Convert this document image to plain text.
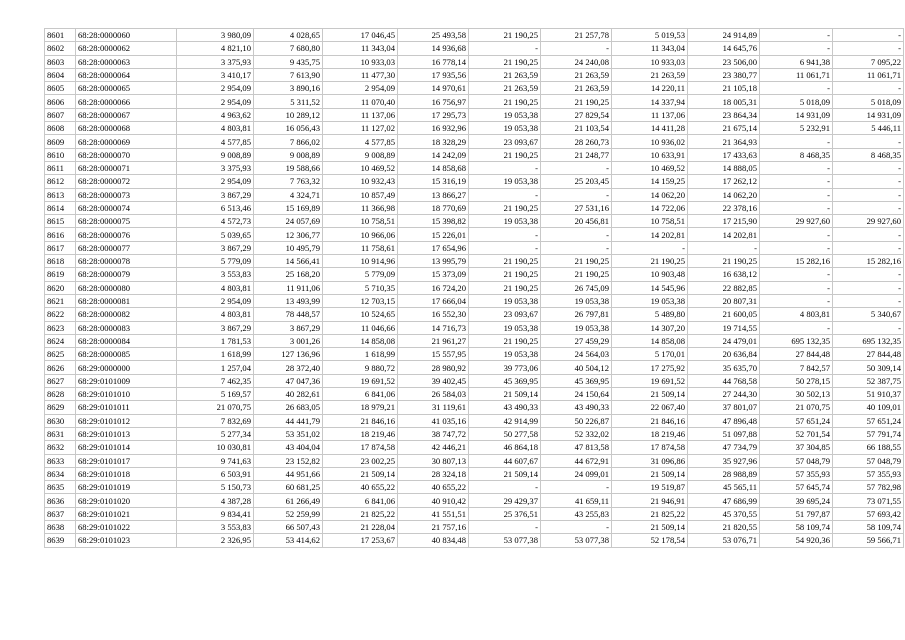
8601	68:28:0000060	3 980,09	4 028,65	17 046,45	25 493,58	21 190,25	21 257,78	5 019,53	24 914,89	-	-
8602	68:28:0000062	4 821,10	7 680,80	11 343,04	14 936,68	-	-	11 343,04	14 645,76	-	-
8603	68:28:0000063	3 375,93	9 435,75	10 933,03	16 778,14	21 190,25	24 240,08	10 933,03	23 506,00	6 941,38	7 095,22
8604	68:28:0000064	3 410,17	7 613,90	11 477,30	17 935,56	21 263,59	21 263,59	21 263,59	23 380,77	11 061,71	11 061,71
8605	68:28:0000065	2 954,09	3 890,16	2 954,09	14 970,61	21 263,59	21 263,59	14 220,11	21 105,18	-	-
8606	68:28:0000066	2 954,09	5 311,52	11 070,40	16 756,97	21 190,25	21 190,25	14 337,94	18 005,31	5 018,09	5 018,09
8607	68:28:0000067	4 963,62	10 289,12	11 137,06	17 295,73	19 053,38	27 829,54	11 137,06	23 864,34	14 931,09	14 931,09
8608	68:28:0000068	4 803,81	16 056,43	11 127,02	16 932,96	19 053,38	21 103,54	14 411,28	21 675,14	5 232,91	5 446,11
8609	68:28:0000069	4 577,85	7 866,02	4 577,85	18 328,29	23 093,67	28 260,73	10 936,02	21 364,93	-	-
8610	68:28:0000070	9 008,89	9 008,89	9 008,89	14 242,09	21 190,25	21 248,77	10 633,91	17 433,63	8 468,35	8 468,35
8611	68:28:0000071	3 375,93	19 588,66	10 469,52	14 858,68	-	-	10 469,52	14 888,05	-	-
8612	68:28:0000072	2 954,09	7 763,32	10 932,43	15 316,19	19 053,38	25 203,45	14 159,25	17 262,12	-	-
8613	68:28:0000073	3 867,29	4 324,71	10 857,49	13 866,27	-	-	14 062,20	14 062,20	-	-
8614	68:28:0000074	6 513,46	15 169,89	11 366,98	18 770,69	21 190,25	27 531,16	14 722,06	22 378,16	-	-
8615	68:28:0000075	4 572,73	24 057,69	10 758,51	15 398,82	19 053,38	20 456,81	10 758,51	17 215,90	29 927,60	29 927,60
8616	68:28:0000076	5 039,65	12 306,77	10 966,06	15 226,01	-	-	14 202,81	14 202,81	-	-
8617	68:28:0000077	3 867,29	10 495,79	11 758,61	17 654,96	-	-	-	-	-	-
8618	68:28:0000078	5 779,09	14 566,41	10 914,96	13 995,79	21 190,25	21 190,25	21 190,25	21 190,25	15 282,16	15 282,16
8619	68:28:0000079	3 553,83	25 168,20	5 779,09	15 373,09	21 190,25	21 190,25	10 903,48	16 638,12	-	-
8620	68:28:0000080	4 803,81	11 911,06	5 710,35	16 724,20	21 190,25	26 745,09	14 545,96	22 882,85	-	-
8621	68:28:0000081	2 954,09	13 493,99	12 703,15	17 666,04	19 053,38	19 053,38	19 053,38	20 807,31	-	-
8622	68:28:0000082	4 803,81	78 448,57	10 524,65	16 552,30	23 093,67	26 797,81	5 489,80	21 600,05	4 803,81	5 340,67
8623	68:28:0000083	3 867,29	3 867,29	11 046,66	14 716,73	19 053,38	19 053,38	14 307,20	19 714,55	-	-
8624	68:28:0000084	1 781,53	3 001,26	14 858,08	21 961,27	21 190,25	27 459,29	14 858,08	24 479,01	695 132,35	695 132,35
8625	68:28:0000085	1 618,99	127 136,96	1 618,99	15 557,95	19 053,38	24 564,03	5 170,01	20 636,84	27 844,48	27 844,48
8626	68:29:0000000	1 257,04	28 372,40	9 880,72	28 980,92	39 773,06	40 504,12	17 275,92	35 635,70	7 842,57	50 309,14
8627	68:29:0101009	7 462,35	47 047,36	19 691,52	39 402,45	45 369,95	45 369,95	19 691,52	44 768,58	50 278,15	52 387,75
8628	68:29:0101010	5 169,57	40 282,61	6 841,06	26 584,03	21 509,14	24 150,64	21 509,14	27 244,30	30 502,13	51 910,37
8629	68:29:0101011	21 070,75	26 683,05	18 979,21	31 119,61	43 490,33	43 490,33	22 067,40	37 801,07	21 070,75	40 109,01
8630	68:29:0101012	7 832,69	44 441,79	21 846,16	41 035,16	42 914,99	50 226,87	21 846,16	47 896,48	57 651,24	57 651,24
8631	68:29:0101013	5 277,34	53 351,02	18 219,46	38 747,72	50 277,58	52 332,02	18 219,46	51 097,88	52 701,54	57 791,74
8632	68:29:0101014	10 030,81	43 404,04	17 874,58	42 446,21	46 864,18	47 813,58	17 874,58	47 734,79	37 304,85	66 188,55
8633	68:29:0101017	9 741,63	23 152,82	23 002,25	30 807,13	44 607,67	44 672,91	31 096,86	35 927,96	57 048,79	57 048,79
8634	68:29:0101018	6 503,91	44 951,66	21 509,14	28 324,18	21 509,14	24 099,01	21 509,14	28 988,89	57 355,93	57 355,93
8635	68:29:0101019	5 150,73	60 681,25	40 655,22	40 655,22	-	-	19 519,87	45 565,11	57 645,74	57 782,98
8636	68:29:0101020	4 387,28	61 266,49	6 841,06	40 910,42	29 429,37	41 659,11	21 946,91	47 686,99	39 695,24	73 071,55
8637	68:29:0101021	9 834,41	52 259,99	21 825,22	41 551,51	25 376,51	43 255,83	21 825,22	45 370,55	51 797,87	57 693,42
8638	68:29:0101022	3 553,83	66 507,43	21 228,04	21 757,16	-	-	21 509,14	21 820,55	58 109,74	58 109,74
8639	68:29:0101023	2 326,95	53 414,62	17 253,67	40 834,48	53 077,38	53 077,38	52 178,54	53 076,71	54 920,36	59 566,71
